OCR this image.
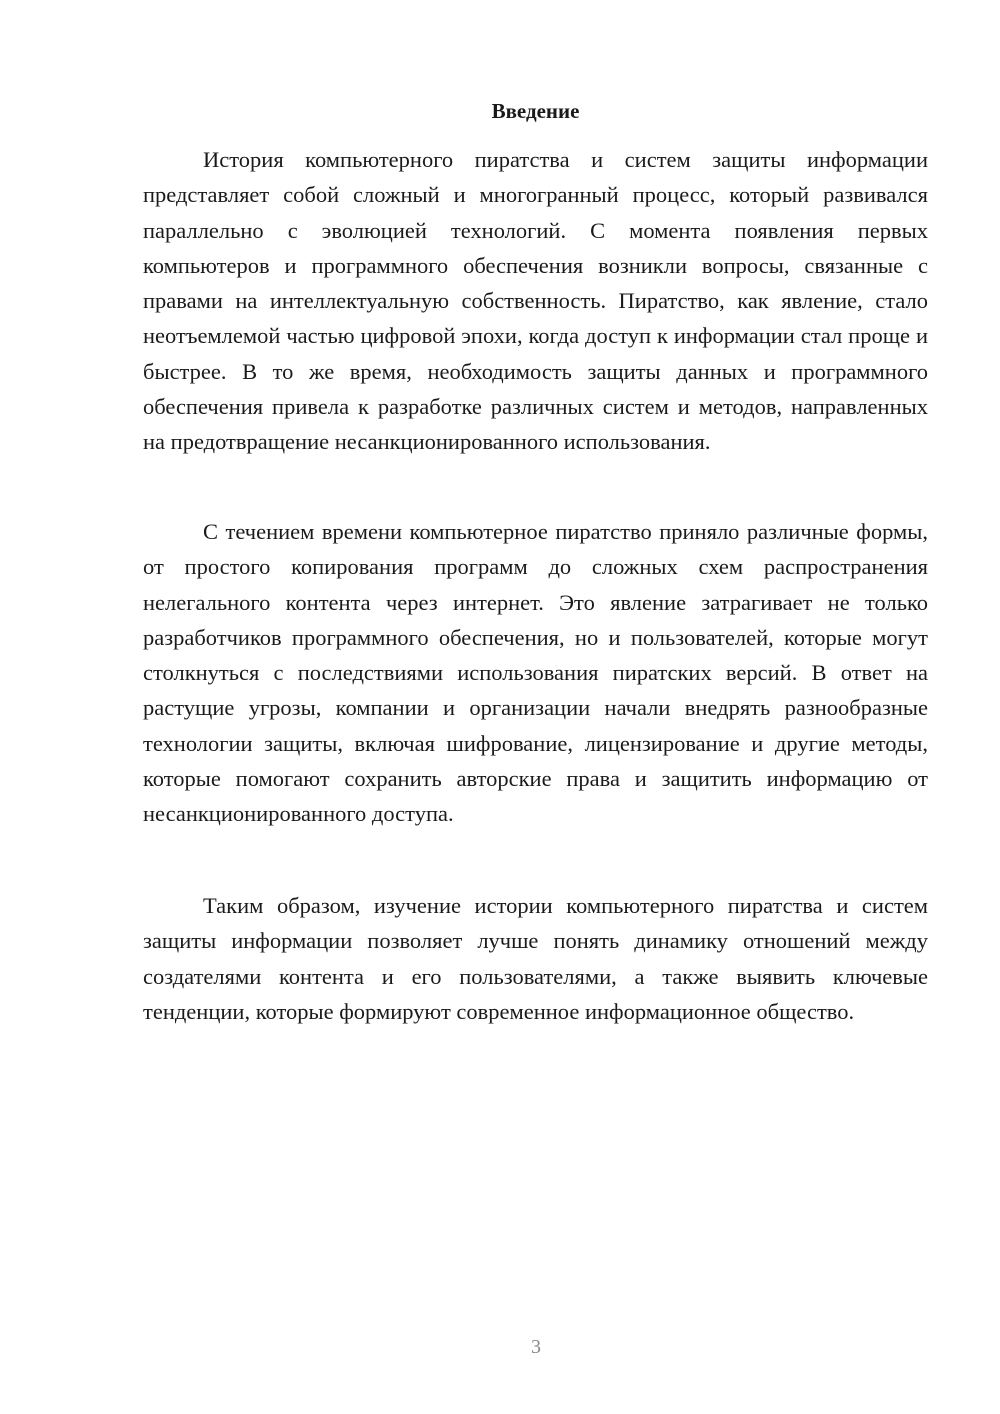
Введение

История компьютерного пиратства и систем защиты информации представляет собой сложный и многогранный процесс, который развивался параллельно с эволюцией технологий. С момента появления первых компьютеров и программного обеспечения возникли вопросы, связанные с правами на интеллектуальную собственность. Пиратство, как явление, стало неотъемлемой частью цифровой эпохи, когда доступ к информации стал проще и быстрее. В то же время, необходимость защиты данных и программного обеспечения привела к разработке различных систем и методов, направленных на предотвращение несанкционированного использования.

С течением времени компьютерное пиратство приняло различные формы, от простого копирования программ до сложных схем распространения нелегального контента через интернет. Это явление затрагивает не только разработчиков программного обеспечения, но и пользователей, которые могут столкнуться с последствиями использования пиратских версий. В ответ на растущие угрозы, компании и организации начали внедрять разнообразные технологии защиты, включая шифрование, лицензирование и другие методы, которые помогают сохранить авторские права и защитить информацию от несанкционированного доступа.

Таким образом, изучение истории компьютерного пиратства и систем защиты информации позволяет лучше понять динамику отношений между создателями контента и его пользователями, а также выявить ключевые тенденции, которые формируют современное информационное общество.

3
